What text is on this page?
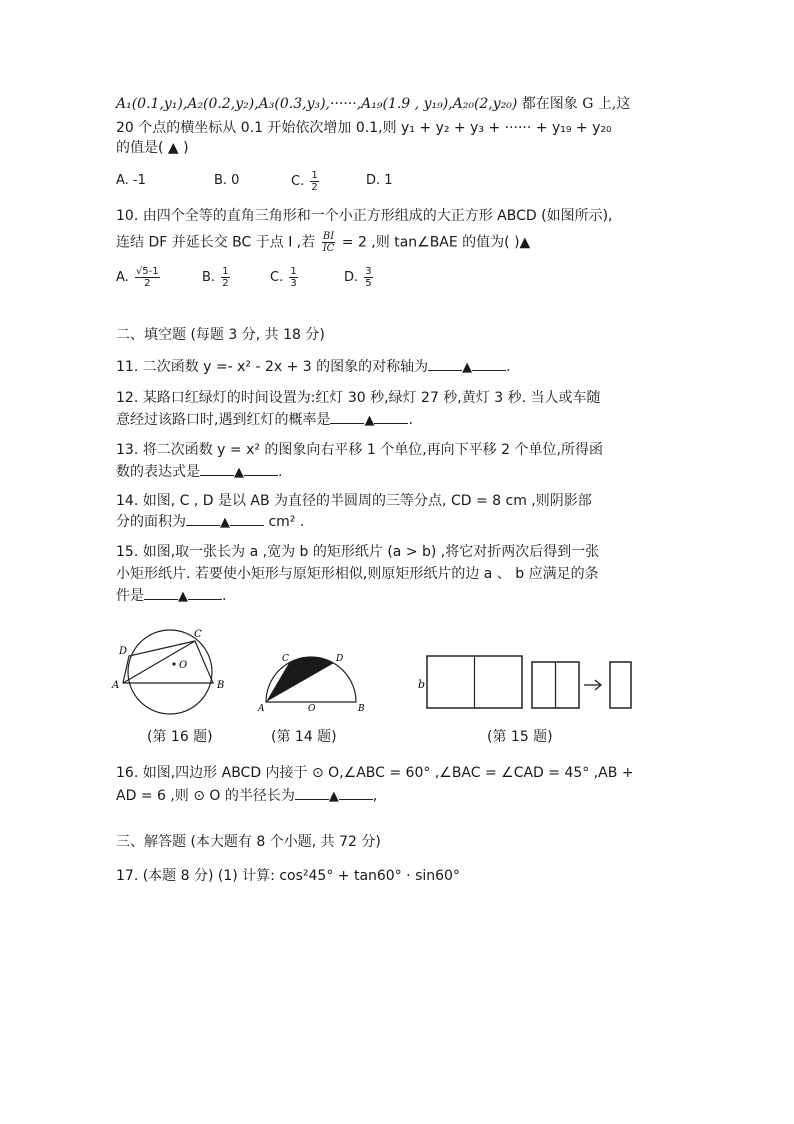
A₁(0.1,y₁),A₂(0.2,y₂),A₃(0.3,y₃),······,A₁₉(1.9 , y₁₉),A₂₀(2,y₂₀) 都在图象 G 上,这
20 个点的横坐标从 0.1 开始依次增加 0.1,则 y₁ + y₂ + y₃ + ······ + y₁₉ + y₂₀
的值是( ▲ )
A. -1	B. 0	C. $\frac{1}{2}$	D. 1
10. 由四个全等的直角三角形和一个小正方形组成的大正方形 ABCD (如图所示),
连结 DF 并延长交 BC 于点 I ,若 $\frac{BI}{IC} = 2$ ,则 tan∠BAE 的值为( )▲
A. $\frac{√5-1}{2}$	B. $\frac{1}{2}$	C. $\frac{1}{3}$	D. $\frac{3}{5}$
二、填空题 (每题 3 分, 共 18 分)
11. 二次函数 y =- x² - 2x + 3 的图象的对称轴为	▲ .
12. 某路口红绿灯的时间设置为:红灯 30 秒,绿灯 27 秒,黄灯 3 秒. 当人或车随
意经过该路口时,遇到红灯的概率是	▲ .
13. 将二次函数 y = x² 的图象向右平移 1 个单位,再向下平移 2 个单位,所得函
数的表达式是	▲ .
14. 如图, C , D 是以 AB 为直径的半圆周的三等分点, CD = 8 cm ,则阴影部
分的面积为	▲ cm² .
15. 如图,取一张长为 a ,宽为 b 的矩形纸片 (a > b) ,将它对折两次后得到一张
小矩形纸片. 若要使小矩形与原矩形相似,则原矩形纸片的边 a 、 b 应满足的条
件是	▲ .
O
A	B
C
D
A	O	B
C	D
b
(第 16 题)	(第 14 题)	(第 15 题)
16. 如图,四边形 ABCD 内接于 ⊙ O,∠ABC = 60° ,∠BAC = ∠CAD = 45° ,AB +
AD = 6 ,则 ⊙ O 的半径长为	▲ ,
三、解答题 (本大题有 8 个小题, 共 72 分)
17. (本题 8 分) (1) 计算: cos²45° + tan60° · sin60°
